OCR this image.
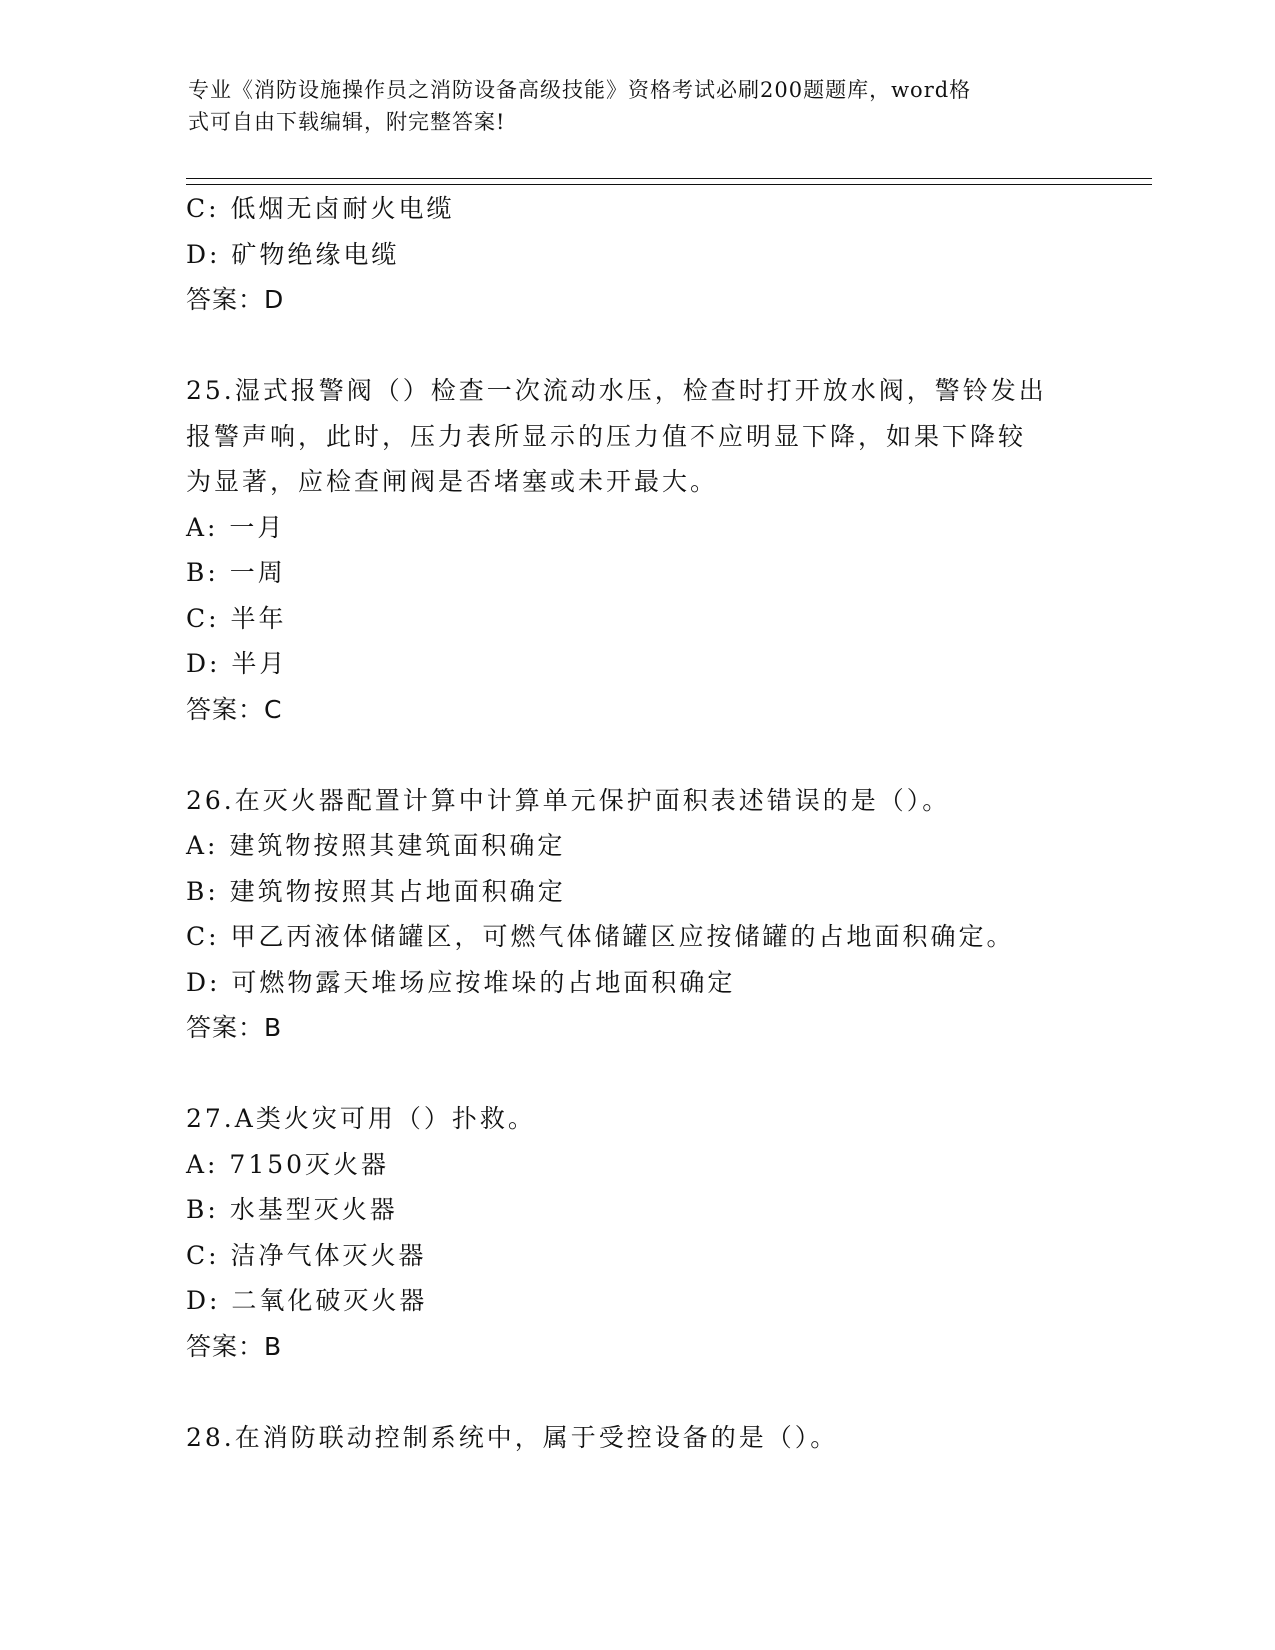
专业《消防设施操作员之消防设备高级技能》资格考试必刷200题题库，word格
式可自由下载编辑，附完整答案!
C: 低烟无卤耐火电缆
D: 矿物绝缘电缆
答案：D
25.湿式报警阀（）检查一次流动水压，检查时打开放水阀，警铃发出
报警声响，此时，压力表所显示的压力值不应明显下降，如果下降较
为显著，应检查闸阀是否堵塞或未开最大。
A: 一月
B: 一周
C: 半年
D: 半月
答案：C
26.在灭火器配置计算中计算单元保护面积表述错误的是（）。
A: 建筑物按照其建筑面积确定
B: 建筑物按照其占地面积确定
C: 甲乙丙液体储罐区，可燃气体储罐区应按储罐的占地面积确定。
D: 可燃物露天堆场应按堆垛的占地面积确定
答案：B
27.A类火灾可用（）扑救。
A: 7150灭火器
B: 水基型灭火器
C: 洁净气体灭火器
D: 二氧化破灭火器
答案：B
28.在消防联动控制系统中，属于受控设备的是（）。
